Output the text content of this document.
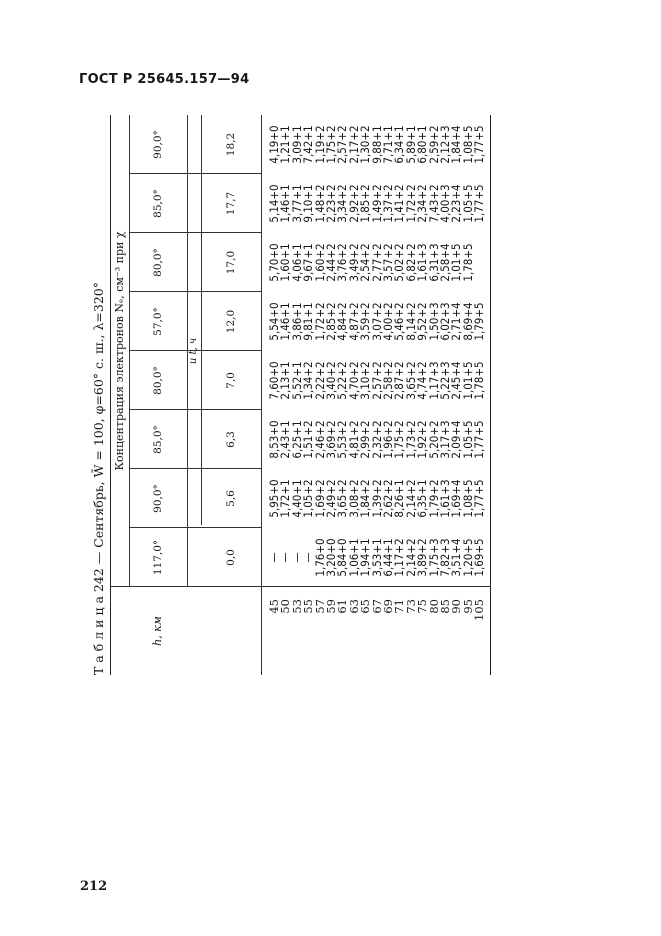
ГОСТ Р 25645.157—94
Т а б л и ц а 242 — Сентябрь, W̄ = 100, φ=60° с. ш., λ=320°	h, км
Концентрация электронов Nₑ, см⁻³ при χ
117,0°
90,0°
85,0°
80,0°
57,0°
80,0°
85,0°
90,0°
и t, ч
0,0
5,6
6,3
7,0
12,0
17,0
17,7
18,2
45
50
53
55
57
59
61
63
65
67
69
71
73
75
80
85
90
95
105
—
—
—
—
1,76+0
3,20+0
5,84+0
1,06+1
1,94+1
3,53+1
6,44+1
1,17+2
2,14+2
3,89+2
1,75+3
7,82+3
3,51+4
1,20+5
1,69+5
5,95+0
1,72+1
4,40+1
1,05+2
1,69+2
2,49+2
3,65+2
3,08+2
1,84+2
1,39+2
2,62+2
8,26+1
2,14+2
6,35+1
1,79+2
1,61+3
1,69+4
1,08+5
1,77+5
8,53+0
2,43+1
6,25+1
1,51+2
2,46+2
3,69+2
5,53+2
4,81+2
2,99+2
2,32+2
1,96+2
1,75+2
1,73+2
1,92+2
5,20+2
3,17+3
2,09+4
1,05+5
1,77+5
7,60+0
2,13+1
5,52+1
1,34+2
2,22+2
3,40+2
5,22+2
4,70+2
3,10+2
2,57+2
2,58+2
2,87+2
3,65+2
4,74+2
1,17+3
5,22+3
2,45+4
1,01+5
1,78+5
5,54+0
1,46+1
3,86+1
9,81+1
1,72+2
2,85+2
4,84+2
4,87+2
3,59+2
3,07+2
4,00+2
5,46+2
8,14+2
9,52+2
1,50+3
6,02+3
2,71+4
8,69+4
1,79+5
5,70+0
1,60+1
4,06+1
9,67+1
1,60+2
2,44+2
3,76+2
3,49+2
2,54+2
2,77+2
3,57+2
5,02+2
6,82+2
1,61+3
6,31+3
2,58+4
1,01+5
1,78+5
5,14+0
1,46+1
3,77+1
9,10+1
1,48+2
2,23+2
3,34+2
2,92+2
1,85+2
1,49+2
1,37+2
1,41+2
1,72+2
2,34+2
7,43+2
4,00+3
2,23+4
1,05+5
1,77+5
4,19+0
1,21+1
3,09+1
7,42+1
1,19+2
1,75+2
2,57+2
2,17+2
1,30+2
9,88+1
7,71+1
6,34+1
5,89+1
6,80+1
2,59+2
2,12+3
1,84+4
1,08+5
1,77+5
212
